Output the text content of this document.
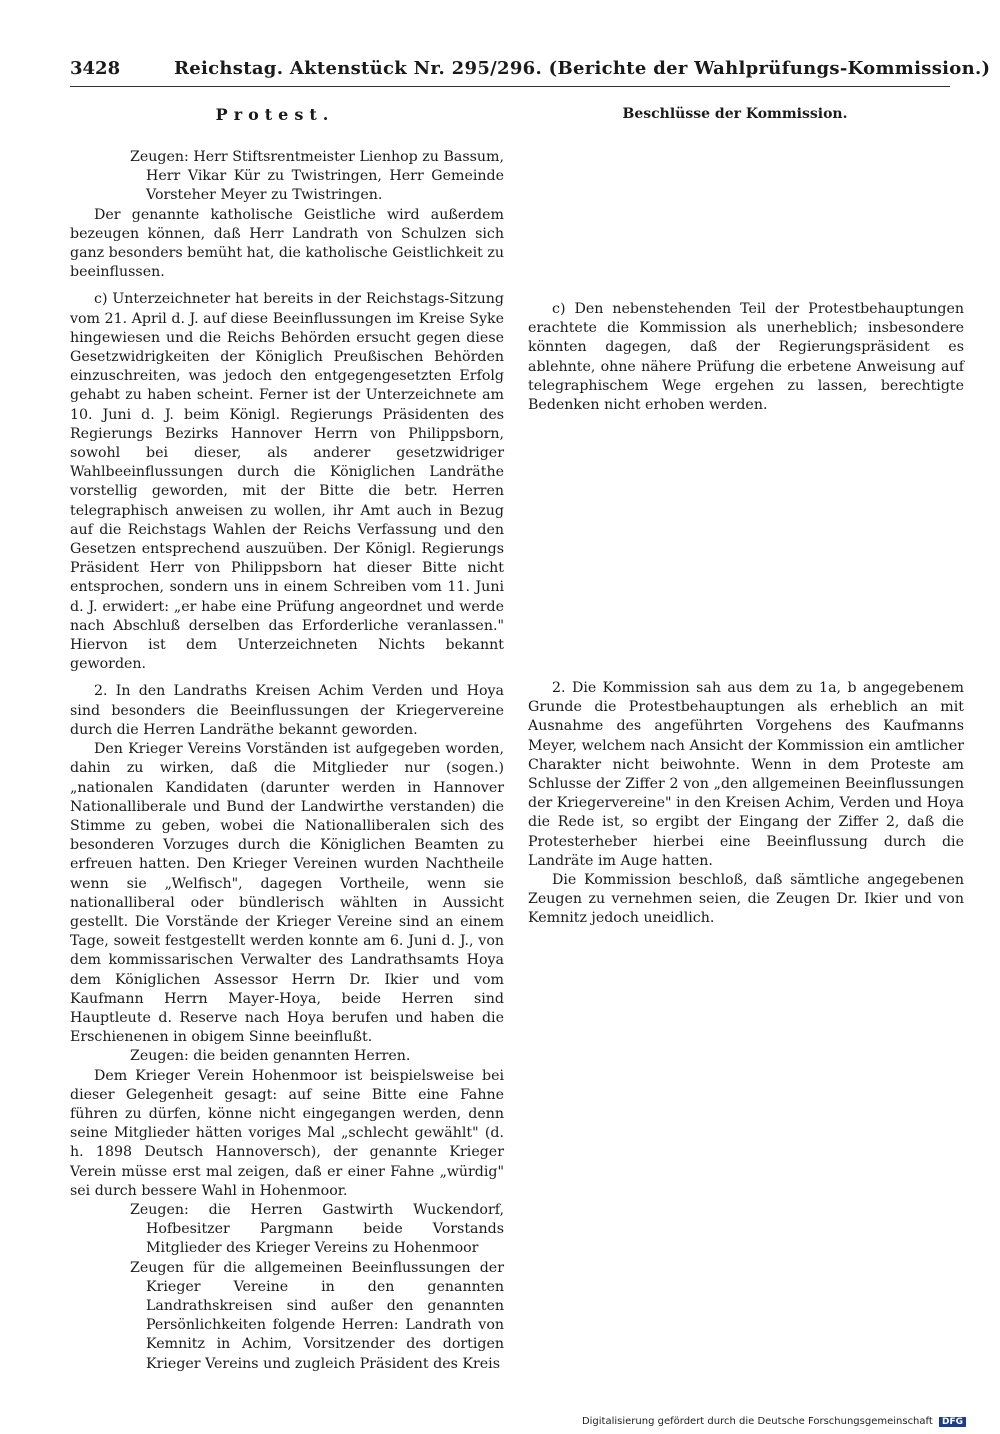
3428	Reichstag. Aktenstück Nr. 295/296. (Berichte der Wahlprüfungs-Kommission.)
Protest.	Beschlüsse der Kommission.

Zeugen: Herr Stiftsrentmeister Lienhop zu Bassum, Herr Vikar Kür zu Twistringen, Herr Gemeinde Vorsteher Meyer zu Twistringen.

Der genannte katholische Geistliche wird außerdem bezeugen können, daß Herr Landrath von Schulzen sich ganz besonders bemüht hat, die katholische Geistlichkeit zu beeinflussen.

c) Unterzeichneter hat bereits in der Reichstags-Sitzung vom 21. April d. J. auf diese Beeinflussungen im Kreise Syke hingewiesen und die Reichs Behörden ersucht gegen diese Gesetzwidrigkeiten der Königlich Preußischen Behörden einzuschreiten, was jedoch den entgegengesetzten Erfolg gehabt zu haben scheint. Ferner ist der Unterzeichnete am 10. Juni d. J. beim Königl. Regierungs Präsidenten des Regierungs Bezirks Hannover Herrn von Philippsborn, sowohl bei dieser, als anderer gesetzwidriger Wahlbeeinflussungen durch die Königlichen Landräthe vorstellig geworden, mit der Bitte die betr. Herren telegraphisch anweisen zu wollen, ihr Amt auch in Bezug auf die Reichstags Wahlen der Reichs Verfassung und den Gesetzen entsprechend auszuüben. Der Königl. Regierungs Präsident Herr von Philippsborn hat dieser Bitte nicht entsprochen, sondern uns in einem Schreiben vom 11. Juni d. J. erwidert: „er habe eine Prüfung angeordnet und werde nach Abschluß derselben das Erforderliche veranlassen." Hiervon ist dem Unterzeichneten Nichts bekannt geworden.

2. In den Landraths Kreisen Achim Verden und Hoya sind besonders die Beeinflussungen der Kriegervereine durch die Herren Landräthe bekannt geworden.

Den Krieger Vereins Vorständen ist aufgegeben worden, dahin zu wirken, daß die Mitglieder nur (sogen.) „nationalen Kandidaten (darunter werden in Hannover Nationalliberale und Bund der Landwirthe verstanden) die Stimme zu geben, wobei die Nationalliberalen sich des besonderen Vorzuges durch die Königlichen Beamten zu erfreuen hatten. Den Krieger Vereinen wurden Nachtheile wenn sie „Welfisch", dagegen Vortheile, wenn sie nationalliberal oder bündlerisch wählten in Aussicht gestellt. Die Vorstände der Krieger Vereine sind an einem Tage, soweit festgestellt werden konnte am 6. Juni d. J., von dem kommissarischen Verwalter des Landrathsamts Hoya dem Königlichen Assessor Herrn Dr. Ikier und vom Kaufmann Herrn Mayer-Hoya, beide Herren sind Hauptleute d. Reserve nach Hoya berufen und haben die Erschienenen in obigem Sinne beeinflußt.

Zeugen: die beiden genannten Herren.

Dem Krieger Verein Hohenmoor ist beispielsweise bei dieser Gelegenheit gesagt: auf seine Bitte eine Fahne führen zu dürfen, könne nicht eingegangen werden, denn seine Mitglieder hätten voriges Mal „schlecht gewählt" (d. h. 1898 Deutsch Hannoversch), der genannte Krieger Verein müsse erst mal zeigen, daß er einer Fahne „würdig" sei durch bessere Wahl in Hohenmoor.

Zeugen: die Herren Gastwirth Wuckendorf, Hofbesitzer Pargmann beide Vorstands Mitglieder des Krieger Vereins zu Hohenmoor

Zeugen für die allgemeinen Beeinflussungen der Krieger Vereine in den genannten Landrathskreisen sind außer den genannten Persönlichkeiten folgende Herren: Landrath von Kemnitz in Achim, Vorsitzender des dortigen Krieger Vereins und zugleich Präsident des Kreis

c) Den nebenstehenden Teil der Protestbehauptungen erachtete die Kommission als unerheblich; insbesondere könnten dagegen, daß der Regierungspräsident es ablehnte, ohne nähere Prüfung die erbetene Anweisung auf telegraphischem Wege ergehen zu lassen, berechtigte Bedenken nicht erhoben werden.

2. Die Kommission sah aus dem zu 1a, b angegebenem Grunde die Protestbehauptungen als erheblich an mit Ausnahme des angeführten Vorgehens des Kaufmanns Meyer, welchem nach Ansicht der Kommission ein amtlicher Charakter nicht beiwohnte. Wenn in dem Proteste am Schlusse der Ziffer 2 von „den allgemeinen Beeinflussungen der Kriegervereine" in den Kreisen Achim, Verden und Hoya die Rede ist, so ergibt der Eingang der Ziffer 2, daß die Protesterheber hierbei eine Beeinflussung durch die Landräte im Auge hatten.

Die Kommission beschloß, daß sämtliche angegebenen Zeugen zu vernehmen seien, die Zeugen Dr. Ikier und von Kemnitz jedoch uneidlich.

Digitalisierung gefördert durch die Deutsche Forschungsgemeinschaft DFG
